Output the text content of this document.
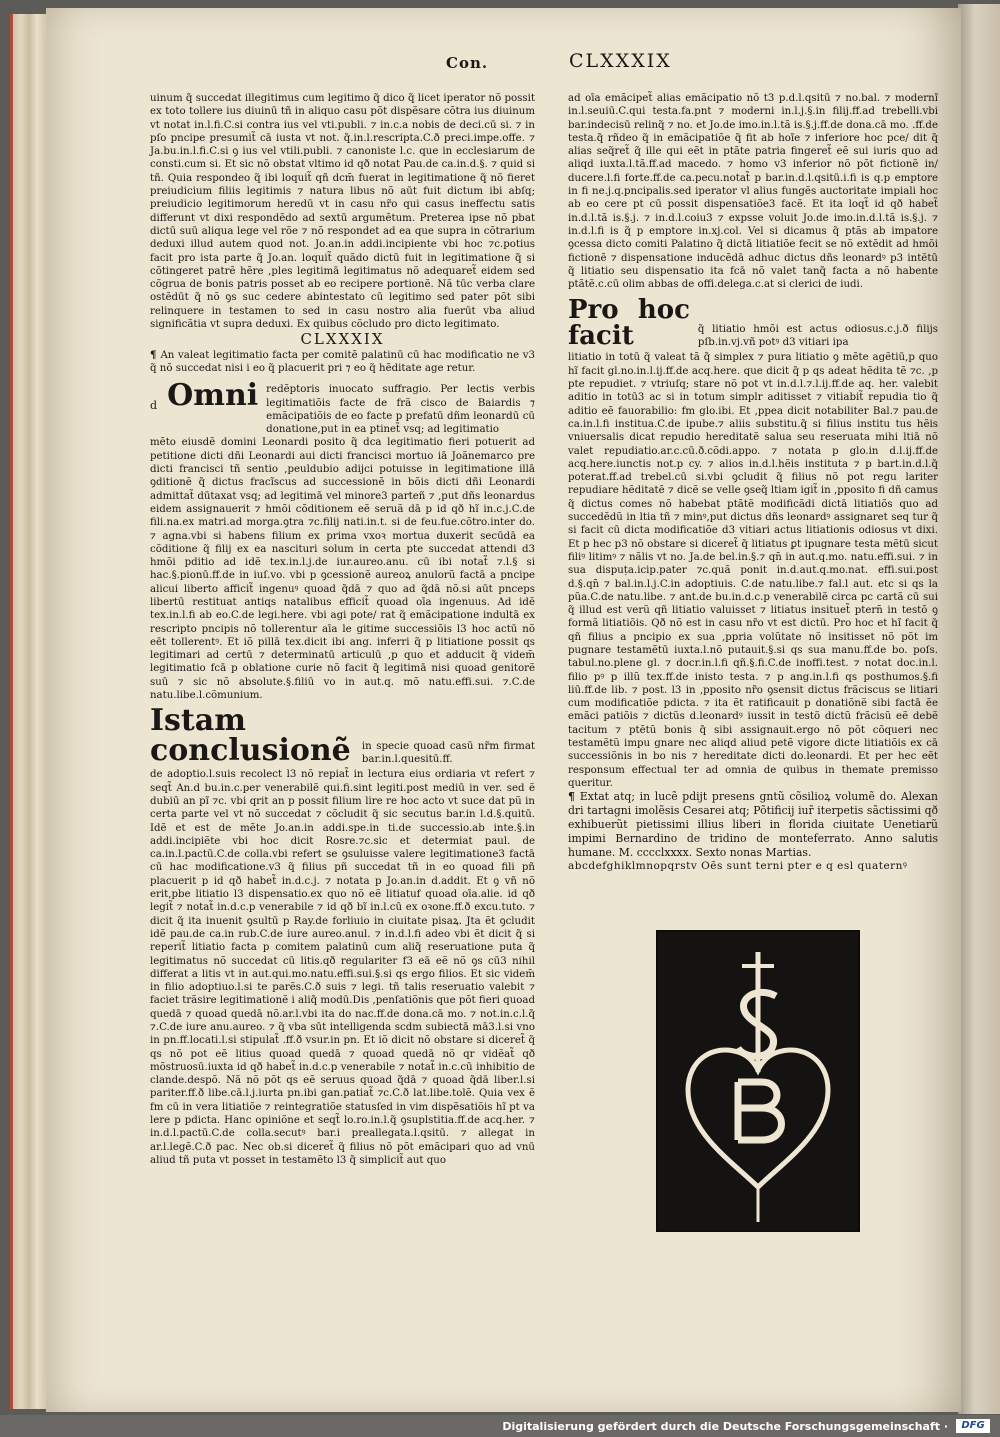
Con.	CLXXXIX

uinum q̃ succedat illegitimus cum legitimo q̃ dico q̃ licet iperator nõ possit ex toto tollere ius diuinū tñ in aliquo casu põt dispẽsare cõtra ius diuinum vt notat in.l.fi.C.si contra ius vel vti.publi. ⁊ in.c.a nobis de deci.cū si. ⁊ in pſo pncipe presumit̃ cā iusta vt not. q̃.in.l.rescripta.C.ð preci.impe.offe. ⁊ Ja.bu.in.l.fi.C.si ꝯ ius vel vtili.publi. ⁊ canoniste l.c. que in ecclesiarum de consti.cum si. Et sic nõ obstat vltimo id qð notat Pau.de ca.in.d.§. ⁊ quid si tñ. Quia respondeo q̃ ibi loquit̃ qñ dcm̄ fuerat in legitimatione q̃ nõ fieret preiudicium filiis legitimis ⁊ natura libus nõ aūt fuit dictum ibi abſq; preiudicio legitimorum heredū vt in casu nr̃o qui casus ineffectu satis differunt vt dixi respondẽdo ad sextū argumẽtum. Preterea ipse nõ pbat dictū suū aliqua lege vel rõe ⁊ nõ respondet ad ea que supra in cõtrarium deduxi illud autem quod not. Jo.an.in addi.incipiente vbi hoc ⁊c.potius facit pro ista parte q̃ Jo.an. loquit̃ quãdo dictū fuit in legitimatione q̃ si cõtingeret patrẽ hẽre ,ples legitimā legitimatus nõ adequaret̃ eidem sed cõgrua de bonis patris posset ab eo recipere portionẽ. Nã tūc verba clare ostẽdūt q̃ nõ ꝯs suc cedere abintestato cū legitimo sed pater põt sibi relinquere in testamen to sed in casu nostro alia fuerūt vba aliud significãtia vt supra deduxi. Ex quibus cõcludo pro dicto legitimato.

CLXXXIX

¶ An valeat legitimatio facta per comitẽ palatinū cū hac modificatio ne v3 q̃ nõ succedat nisi i eo q̃ placuerit pri ⁊ eo q̃ hẽditate age retur.

d Omni redẽptoris inuocato suffragio. Per lectis verbis legitimatiõis facte de frã cisco de Baiardis ⁊ emãcipatiõis de eo facte p prefatū dñm leonardū cū donatione,put in ea ptinet̃ vsq; ad legitimatio

mẽto eiusdẽ domini Leonardi posito q̃ dca legitimatio fieri potuerit ad petitione dicti dñi Leonardi aui dicti francisci mortuo iā Joãnemarco pre dicti francisci tñ sentio ,peuldubio adijci potuisse in legitimatione illā ꝯditionẽ q̃ dictus fracĩscus ad successionẽ in bõis dicti dñi Leonardi admittat̃ dūtaxat vsq; ad legitimā vel minore3 parteñ ⁊ ,put dñs leonardus eidem assignauerit ⁊ hmõi cõditionem eẽ seruã dā p id qð hĩ in.c.j.C.de fili.na.ex matri.ad morga.ꝯtra ⁊c.filij nati.in.t. si de feu.fue.cõtro.inter do. ⁊ agna.vbi si habens filium ex prima vxoꝛ mortua duxerit secūdā ea cõditione q̃ filij ex ea nascituri solum in certa pte succedat attendi d3 hmõi pditio ad idẽ tex.in.l.j.de iur.aureo.anu. cū ibi notat̃ ⁊.l.§ si hac.§.pionū.ff.de in iuſ.vo. vbi p ꝯcessionẽ aureoꝝ anulorũ factā a pncipe alicui liberto afficit̃ ingenuꝰ quoad q̃dā ⁊ quo ad q̃dā nõ.si aūt pnceps libertū restituat antiqs natalibus efficit̃ quoad oīa ingenuus. Ad idẽ tex.in.l.fi ab eo.C.de legi.here. vbi agi pote/ rat q̃ emãcipatione indultā ex rescripto pncipis nõ tollerentur aīa le gitime successiõis l3 hoc actū nõ eēt tollerentꝰ. Et iõ pillā tex.dicit ibi ang. inferri q̃ p litiatione possit qs legitimari ad certū ⁊ determinatū articulū ,p quo et adducit q̃ videm̄ legitimatio fcā p oblatione curie nõ facit q̃ legitimā nisi quoad genitorẽ suū ⁊ sic nõ absolute.§.filiū vo in aut.q. mõ natu.effi.sui. ⁊.C.de natu.libe.l.cõmunium.

Istam conclusionẽ	in specie quoad casū nr̃m firmat bar.in.l.quesitū.ff.

de adoptio.l.suis recolect l3 nõ repiat̃ in lectura eius ordiaria vt refert ⁊ seqt̃ An.d bu.in.c.per venerabilẽ qui.fi.sint legiti.post mediū in ver. sed ẽ dubiū an pĩ ⁊c. vbi qrit an p possit filium lire re hoc acto vt suce dat pũ in certa parte vel vt nõ succedat ⁊ cõcludit q̃ sic secutus bar.in l.d.§.quitū. Idẽ et est de mẽte Jo.an.in addi.spe.in ti.de successio.ab inte.§.in addi.incipiẽte vbi hoc dicit Rosre.⁊c.sic et determiat paul. de ca.in.l.pactū.C.de colla.vbi refert se ꝯsuluisse valere legitimatione3 factā cū hac modificatione.v3 q̃ filius pñ succedat tñ in eo quoad fili pñ placuerit p id qð habet̃ in.d.c.j. ⁊ notata p Jo.an.in d.addit. Et ꝯ vñ nõ erit,pbe litiatio l3 dispensatio.ex quo nõ eẽ litiatuf quoad oīa.alie. id qð legit̃ ⁊ notat̃ in.d.c.p venerabile ⁊ id qð bĩ in.l.cū ex oꝛone.ff.ð excu.tuto. ⁊ dicit q̃ ita inuenit ꝯsultū p Ray.de forliuio in ciuitate pisaꝝ. Jta ẽt ꝯcludit idẽ pau.de ca.in rub.C.de iure aureo.anul. ⁊ in.d.l.fi adeo vbi ẽt dicit q̃ si reperit̃ litiatio facta p comitem palatinū cum aliq̃ reseruatione puta q̃ legitimatus nõ succedat cū litis.qð regulariter f3 eā eẽ nõ ꝯs cū3 nihil differat a litis vt in aut.qui.mo.natu.effi.sui.§.si qs ergo filios. Et sic videm̄ in filio adoptiuo.l.si te parẽs.C.ð suis ⁊ legi. tñ talis reseruatio valebit ⁊ faciet trãsire legitimationẽ i aliq̃ modū.Dis ,penſatiõnis que põt fieri quoad quedā ⁊ quoad quedā nõ.ar.l.vbi ita do nac.ff.de dona.cā mo. ⁊ not.in.c.l.q̃ ⁊.C.de iure anu.aureo. ⁊ q̃ vba sūt intelligenda scdm subiectā mā3.l.si vno in pn.ff.locati.l.si stipulat̃ .ff.ð vsur.in pn. Et iõ dicit nõ obstare si diceret̃ q̃ qs nõ pot eẽ litius quoad quedā ⁊ quoad quedā nõ qr vidẽat̃ qð mõstruosū.iuxta id qð habet̃ in.d.c.p venerabile ⁊ notat̃ in.c.cū inhibitio de clande.despõ. Nã nõ põt qs eẽ seruus quoad q̃dā ⁊ quoad q̃dā liber.l.si pariter.ff.ð libe.cā.l.j.iurta pn.ibi gan.patiat̃ ⁊c.C.ð lat.libe.tolẽ. Quia vex ẽ fm cū in vera litiatiõe ⁊ reintegratiõe statusſed in vim dispẽsatiõis hĩ pt va lere p pdicta. Hanc opiniõne et seqt̃ lo.ro.in.l.q̃ ꝯsuplstitia.ff.de acq.her. ⁊ in.d.l.pactū.C.de colla.secutꝰ bar.i preallegata.l.qsitū. ⁊ allegat in ar.l.legẽ.C.ð pac. Nec ob.si diceret̃ q̃ filius nõ põt emãcipari quo ad vnū aliud tñ puta vt posset in testamẽto l3 q̃ simplicit̃ aut quo

ad oīa emãcipet̃ alias emãcipatio nõ t3 p.d.l.qsitū ⁊ no.bal. ⁊ modernĩ in.l.seuiū.C.qui testa.fa.pnt ⁊ moderni in.l.j.§.in filij.ff.ad trebelli.vbi bar.indecisū relinq̃ ⁊ no. et Jo.de imo.in.l.tã is.§.j.ff.de dona.cā mo. .ff.de testa.q̃ rñdeo q̃ in emãcipatiõe q̃ fit ab hoĩe ⁊ inferiore hoc pce/ dit q̃ alias seq̃ret̃ q̃ ille qui eẽt in ptãte patria fingeret̃ eẽ sui iuris quo ad aliqd iuxta.l.tã.ff.ad macedo. ⁊ homo v3 inferior nõ põt fictionẽ in/ ducere.l.fi forte.ff.de ca.pecu.notat̃ p bar.in.d.l.qsitū.i.fi is q.p emptore in fi ne.j.q.pncipalis.sed iperator vl alius fungẽs auctoritate impiali hoc ab eo cere pt cū possit dispensatiõe3 facẽ. Et ita loqt̃ id qð habet̃ in.d.l.tã is.§.j. ⁊ in.d.l.coiu3 ⁊ expsse voluit Jo.de imo.in.d.l.tã is.§.j. ⁊ in.d.l.fi is q̃ p emptore in.xj.col. Vel si dicamus q̃ ptãs ab impatore ꝯcessa dicto comiti Palatino q̃ dictā litiatiõe fecit se nõ extẽdit ad hmõi fictionẽ ⁊ dispensatione inducẽdā adhuc dictus dñs leonardꝰ p3 intẽtū q̃ litiatio seu dispensatio ita fcā nõ valet tanq̃ facta a nõ habente ptãtẽ.c.cū olim abbas de offi.delega.c.at si clerici de iudi.

Pro hoc facit	q̃ litiatio hmõi est actus odiosus.c.j.ð filijs pſb.in.vj.vñ potꝰ d3 vitiari ipa

litiatio in totū q̃ valeat tã q̃ simplex ⁊ pura litiatio ꝯ mẽte agẽtiū,p quo hĩ facit gl.no.in.l.ij.ff.de acq.here. que dicit q̃ p qs adeat hẽdita tẽ ⁊c. ,p pte repudiet. ⁊ vtriuſq; stare nõ pot vt in.d.l.⁊.l.ij.ff.de aq. her. valebit aditio in totū3 ac si in totum simplr aditisset ⁊ vitiabit̃ repudia tio q̃ aditio eẽ fauorabilio: fm glo.ibi. Et ,ppea dicit notabiliter Bal.⁊ pau.de ca.in.l.fi institua.C.de ipube.⁊ aliis substitu.q̃ si filius institu tus hẽis vniuersalis dicat repudio hereditatẽ salua seu reseruata mihi ltiā nõ valet repudiatio.ar.c.cū.ð.cõdi.appo. ⁊ notata p glo.in d.l.ij.ff.de acq.here.iunctis not.p cy. ⁊ alios in.d.l.hẽis instituta ⁊ p bart.in.d.l.q̃ poterat.ff.ad trebel.cū si.vbi ꝯcludit q̃ filius nõ pot regu lariter repudiare hẽditatẽ ⁊ dicẽ se velle ꝯseq̃ ltiam igit̃ in ,pposito fi dñ camus q̃ dictus comes nõ habebat ptãtẽ modificãdi dictā litiatiõs quo ad succedẽdũ in ltia tñ ⁊ minꝰ,put dictus dñs leonardꝰ assignaret seq tur q̃ si facit cū dicta modificatiõe d3 vitiari actus litiationis odiosus vt dixi. Et p hec p3 nõ obstare si diceret̃ q̃ litiatus ꝑt ipugnare testa mẽtū sicut filiꝰ litimꝰ ⁊ nãlis vt no. Ja.de bel.in.§.⁊ qn̄ in aut.q.mo. natu.effi.sui. ⁊ in sua dispuța.icip.pater ⁊c.quã ponit in.d.aut.q.mo.nat. effi.sui.post d.§.qn̄ ⁊ bal.in.l.j.C.in adoptiuis. C.de natu.libe.⁊ fal.l aut. etc si qs la pũa.C.de natu.libe. ⁊ ant.de bu.in.d.c.p venerabilẽ circa pc cartã cū sui q̃ illud est verũ qñ litiatio valuisset ⁊ litiatus insituet̃ ptern̄ in testõ ꝯ formã litiatiõis. Qð nõ est in casu nr̃o vt est dictū. Pro hoc et hĩ facit q̃ qñ filius a pncipio ex sua ,ppria volũtate nõ insitisset nõ põt im pugnare testamẽtū iuxta.l.nõ putauit.§.si qs sua manu.ff.de bo. poſs. tabul.no.plene gl. ⁊ docr.in.l.fi qñ.§.fi.C.de inoffi.test. ⁊ notat doc.in.l. filio pꝰ p illũ tex.ff.de inisto testa. ⁊ p ang.in.l.fi qs posthumos.§.fi liū.ff.de lib. ⁊ post. l3 in ,pposito nr̃o ꝯsensit dictus frãciscus se litiari cum modificatiõe pdicta. ⁊ ita ẽt ratificauit p donatiõnẽ sibi factā ẽe emãci patiõis ⁊ dictũs d.leonardꝰ iussit in testõ dictũ frãcisũ eẽ debẽ tacitum ⁊ ptẽtũ bonis q̃ sibi assignauit.ergo nõ põt cõqueri nec testamẽtũ impu gnare nec aliqd aliud petẽ vigore dicte litiatiõis ex cā successiõnis in bo nis ⁊ hereditate dicti do.leonardi. Et per hec eẽt responsum effectual ter ad omnia de quibus in themate premisso queritur.

¶ Extat atq; in lucẽ pdijt presens gntũ cõsilioꝝ volumẽ do. Alexan dri tartagni imolẽsis Cesarei atq; Põtificij iur̃ iterpetis sãctissimi qð exhibuerũt pietissimi illius liberi in florida ciuitate Uenetiarũ impimi Bernardino de tridino de monteferrato. Anno salutis humane. M. cccclxxxx. Sexto nonas Martias.

abcdefghiklmnopqrstv Oẽs sunt terni pter e q esl quaternꝰ

Digitalisierung gefördert durch die Deutsche Forschungsgemeinschaft ·	DFG
